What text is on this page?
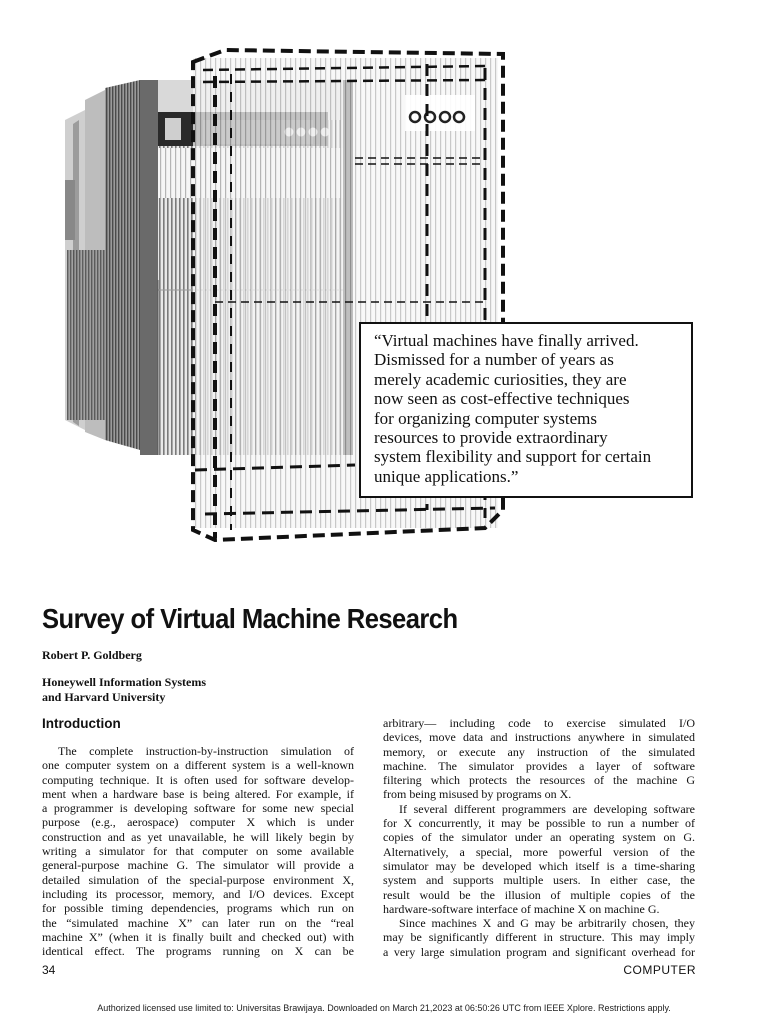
“Virtual machines have finally arrived.
Dismissed for a number of years as
merely academic curiosities, they are
now seen as cost-effective techniques
for organizing computer systems
resources to provide extraordinary
system flexibility and support for certain
unique applications.”
Survey of Virtual Machine Research
Robert P. Goldberg
Honeywell Information Systems
and Harvard University
Introduction
The complete instruction-by-instruction simulation of
one computer system on a different system is a well-known
computing technique. It is often used for software develop-
ment when a hardware base is being altered. For example, if
a programmer is developing software for some new special
purpose (e.g., aerospace) computer X which is under
construction and as yet unavailable, he will likely begin by
writing a simulator for that computer on some available
general-purpose machine G. The simulator will provide a
detailed simulation of the special-purpose environment X,
including its processor, memory, and I/O devices. Except
for possible timing dependencies, programs which run on
the “simulated machine X” can later run on the “real
machine X” (when it is finally built and checked out) with
identical effect. The programs running on X can be
arbitrary— including code to exercise simulated I/O
devices, move data and instructions anywhere in simulated
memory, or execute any instruction of the simulated
machine. The simulator provides a layer of software
filtering which protects the resources of the machine G
from being misused by programs on X.
If several different programmers are developing software
for X concurrently, it may be possible to run a number of
copies of the simulator under an operating system on G.
Alternatively, a special, more powerful version of the
simulator may be developed which itself is a time-sharing
system and supports multiple users. In either case, the
result would be the illusion of multiple copies of the
hardware-software interface of machine X on machine G.
Since machines X and G may be arbitrarily chosen, they
may be significantly different in structure. This may imply
a very large simulation program and significant overhead for
34	COMPUTER
Authorized licensed use limited to: Universitas Brawijaya. Downloaded on March 21,2023 at 06:50:26 UTC from IEEE Xplore. Restrictions apply.
